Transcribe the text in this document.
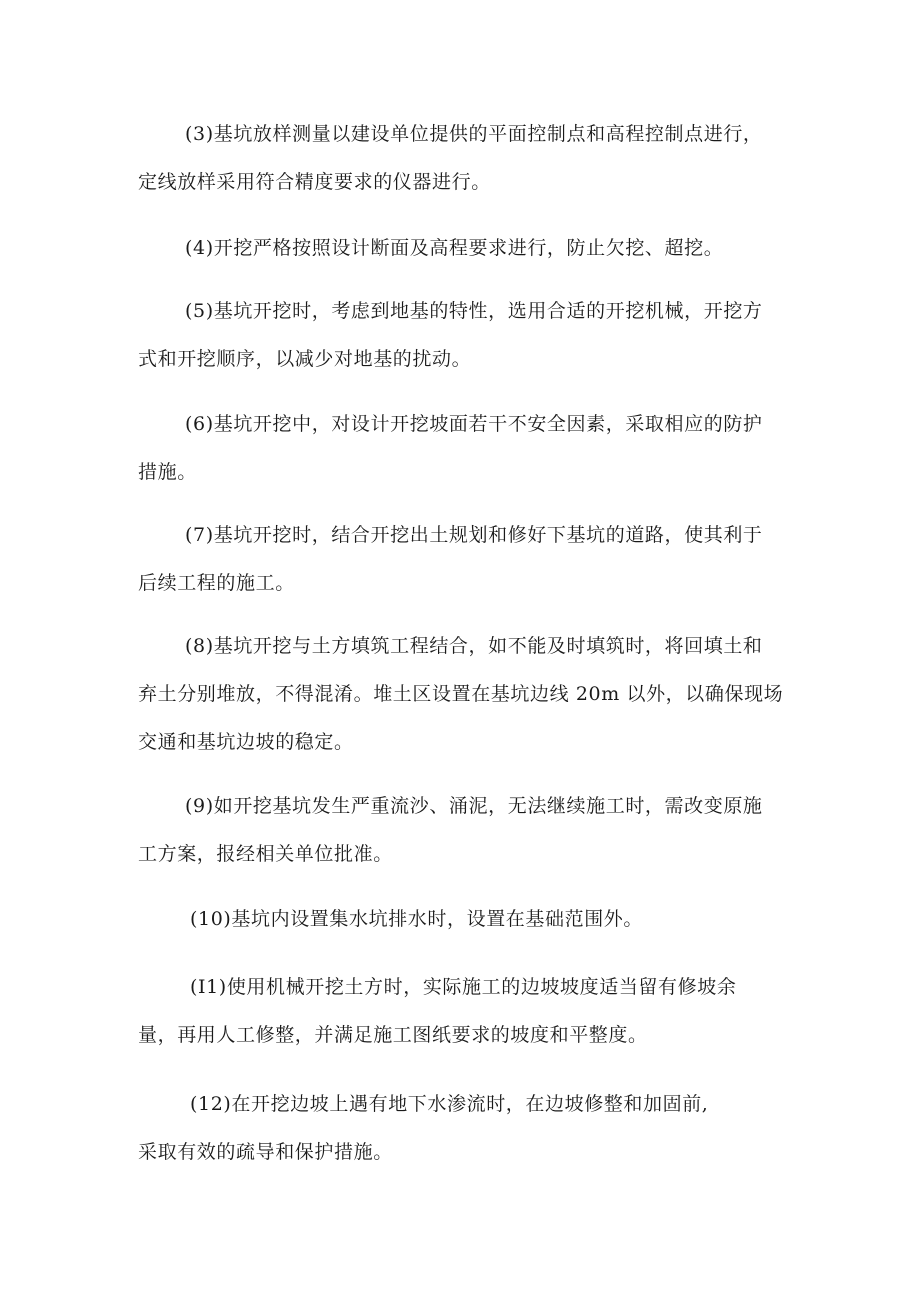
(3)基坑放样测量以建设单位提供的平面控制点和高程控制点进行，
定线放样采用符合精度要求的仪器进行。

(4)开挖严格按照设计断面及高程要求进行，防止欠挖、超挖。

(5)基坑开挖时，考虑到地基的特性，选用合适的开挖机械，开挖方
式和开挖顺序，以减少对地基的扰动。

(6)基坑开挖中，对设计开挖坡面若干不安全因素，采取相应的防护
措施。

(7)基坑开挖时，结合开挖出土规划和修好下基坑的道路，使其利于
后续工程的施工。

(8)基坑开挖与土方填筑工程结合，如不能及时填筑时，将回填土和
弃土分别堆放，不得混淆。堆土区设置在基坑边线 20m 以外，以确保现场
交通和基坑边坡的稳定。

(9)如开挖基坑发生严重流沙、涌泥，无法继续施工时，需改变原施
工方案，报经相关单位批准。

(10)基坑内设置集水坑排水时，设置在基础范围外。

(I1)使用机械开挖土方时，实际施工的边坡坡度适当留有修坡余
量，再用人工修整，并满足施工图纸要求的坡度和平整度。

(12)在开挖边坡上遇有地下水渗流时，在边坡修整和加固前,
采取有效的疏导和保护措施。
